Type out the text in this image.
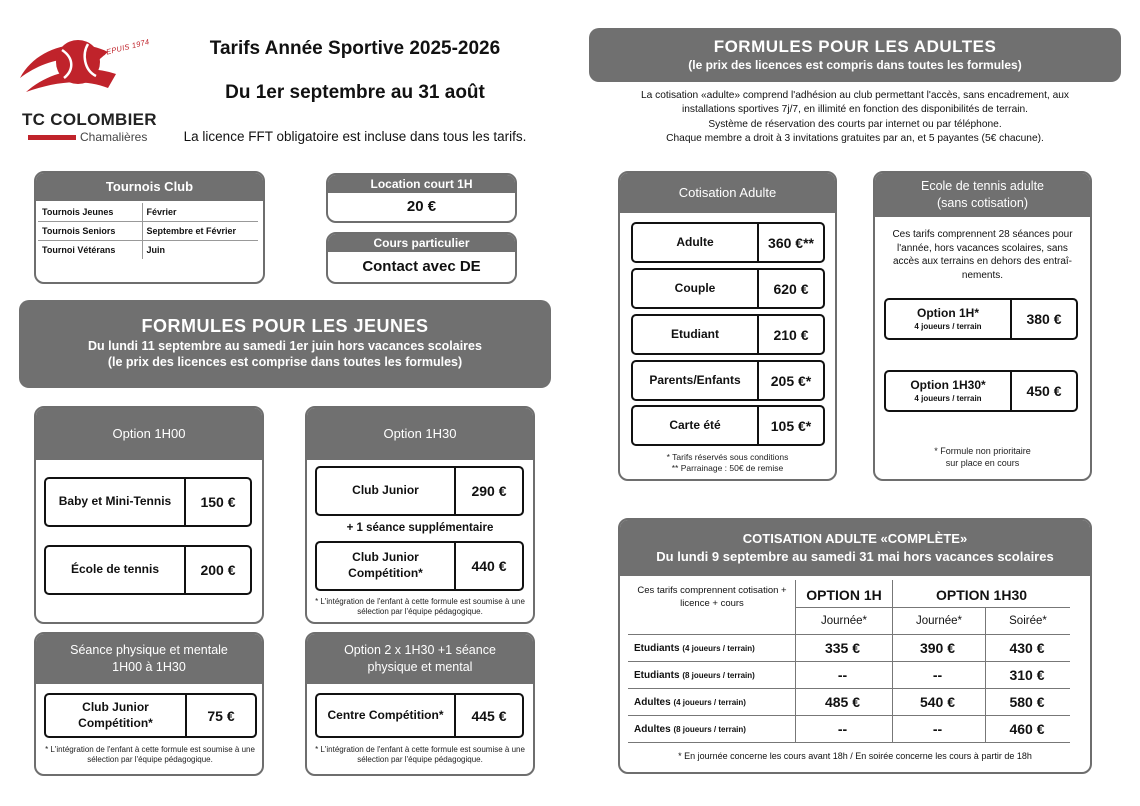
DEPUIS 1974
TC COLOMBIER
Chamalières
Tarifs Année Sportive 2025-2026
Du 1er septembre au 31 août
La licence FFT obligatoire est incluse dans tous les tarifs.
Tournois Club
Tournois Jeunes	Février
Tournois Seniors	Septembre et Février
Tournoi Vétérans	Juin
Location court 1H
20 €
Cours particulier
Contact avec DE
FORMULES POUR LES JEUNES
Du lundi 11 septembre au samedi 1er juin hors vacances scolaires
(le prix des licences est comprise dans toutes les formules)
Option 1H00
Baby et Mini-Tennis	150 €
École de tennis	200 €
Option 1H30
Club Junior	290 €
+ 1 séance supplémentaire
Club Junior Compétition*	440 €
* L'intégration de l'enfant à cette formule est soumise à une sélection par l'équipe pédagogique.
Séance physique et mentale 1H00 à 1H30
Club Junior Compétition*	75 €
* L'intégration de l'enfant à cette formule est soumise à une sélection par l'équipe pédagogique.
Option 2 x 1H30 +1 séance physique et mental
Centre Compétition*	445 €
* L'intégration de l'enfant à cette formule est soumise à une sélection par l'équipe pédagogique.
FORMULES POUR LES ADULTES
(le prix des licences est compris dans toutes les formules)
La cotisation «adulte» comprend l'adhésion au club permettant l'accès, sans encadrement, aux
installations sportives 7j/7, en illimité en fonction des disponibilités de terrain.
Système de réservation des courts par internet ou par téléphone.
Chaque membre a droit à 3 invitations gratuites par an, et 5 payantes (5€ chacune).
Cotisation Adulte
Adulte	360 €**
Couple	620 €
Etudiant	210 €
Parents/Enfants	205 €*
Carte été	105 €*
* Tarifs réservés sous conditions
** Parrainage : 50€ de remise
Ecole de tennis adulte
(sans cotisation)
Ces tarifs comprennent 28 séances pour l'année, hors vacances scolaires, sans accès aux terrains en dehors des entraî-nements.
Option 1H*
4 joueurs / terrain	380 €
Option 1H30*
4 joueurs / terrain	450 €
* Formule non prioritaire
sur place en cours
COTISATION ADULTE «COMPLÈTE»
Du lundi 9 septembre au samedi 31 mai hors vacances scolaires
Ces tarifs comprennent cotisation + licence + cours
OPTION 1H	OPTION 1H30
Journée*	Journée*	Soirée*
Etudiants (4 joueurs / terrain)	335 €	390 €	430 €
Etudiants (8 joueurs / terrain)	--	--	310 €
Adultes (4 joueurs / terrain)	485 €	540 €	580 €
Adultes (8 joueurs / terrain)	--	--	460 €
* En journée concerne les cours avant 18h / En soirée concerne les cours à partir de 18h
